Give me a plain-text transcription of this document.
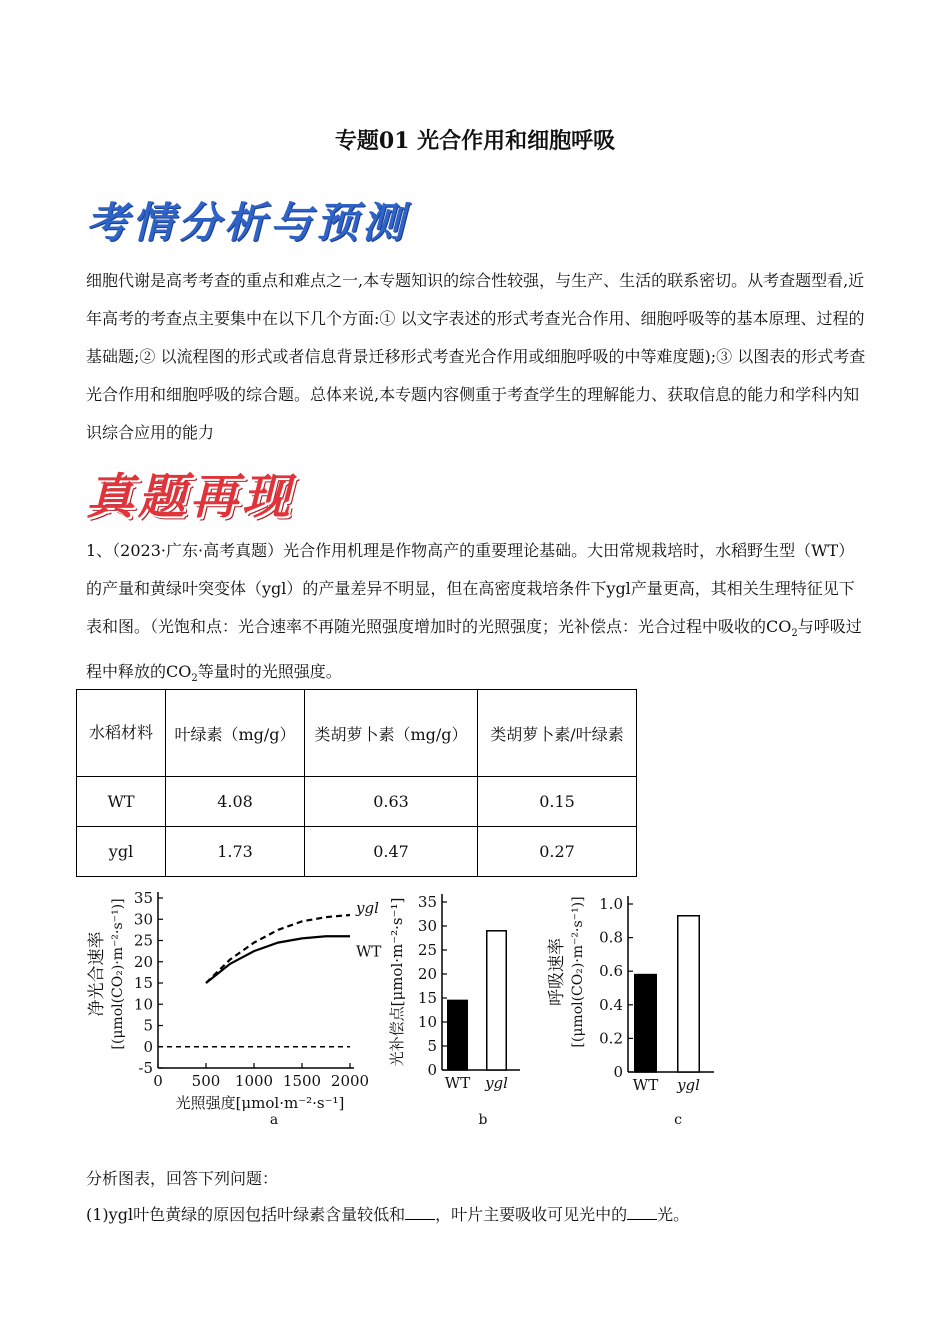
专题01 光合作用和细胞呼吸
考情分析与预测
细胞代谢是高考考查的重点和难点之一,本专题知识的综合性较强，与生产、生活的联系密切。从考查题型看,近年高考的考查点主要集中在以下几个方面:① 以文字表述的形式考查光合作用、细胞呼吸等的基本原理、过程的基础题;② 以流程图的形式或者信息背景迁移形式考查光合作用或细胞呼吸的中等难度题);③ 以图表的形式考查光合作用和细胞呼吸的综合题。总体来说,本专题内容侧重于考查学生的理解能力、获取信息的能力和学科内知识综合应用的能力
真题再现
1、（2023·广东·高考真题）光合作用机理是作物高产的重要理论基础。大田常规栽培时，水稻野生型（WT）的产量和黄绿叶突变体（ygl）的产量差异不明显，但在高密度栽培条件下ygl产量更高，其相关生理特征见下表和图。（光饱和点：光合速率不再随光照强度增加时的光照强度；光补偿点：光合过程中吸收的$CO_2$与呼吸过程中释放的$CO_2$等量时的光照强度。
水稻材料	叶绿素（mg/g）	类胡萝卜素（mg/g）	类胡萝卜素/叶绿素
WT	4.08	0.63	0.15
ygl	1.73	0.47	0.27
净光合速率 [(μmol(CO₂)·m⁻²·s⁻¹)]
-5
0
5
10
15
20
25
30
35
0 500 1000 1500 2000
ygl
WT
光照强度[μmol·m⁻²·s⁻¹]
a
光补偿点[μmol·m⁻²·s⁻¹]
0
5
10
15
20
25
30
35
WT ygl
b
呼吸速率 [(μmol(CO₂)·m⁻²·s⁻¹)]
0
0.2
0.4
0.6
0.8
1.0
WT ygl
c
分析图表，回答下列问题：
(1)ygl叶色黄绿的原因包括叶绿素含量较低和 ，叶片主要吸收可见光中的 光。
